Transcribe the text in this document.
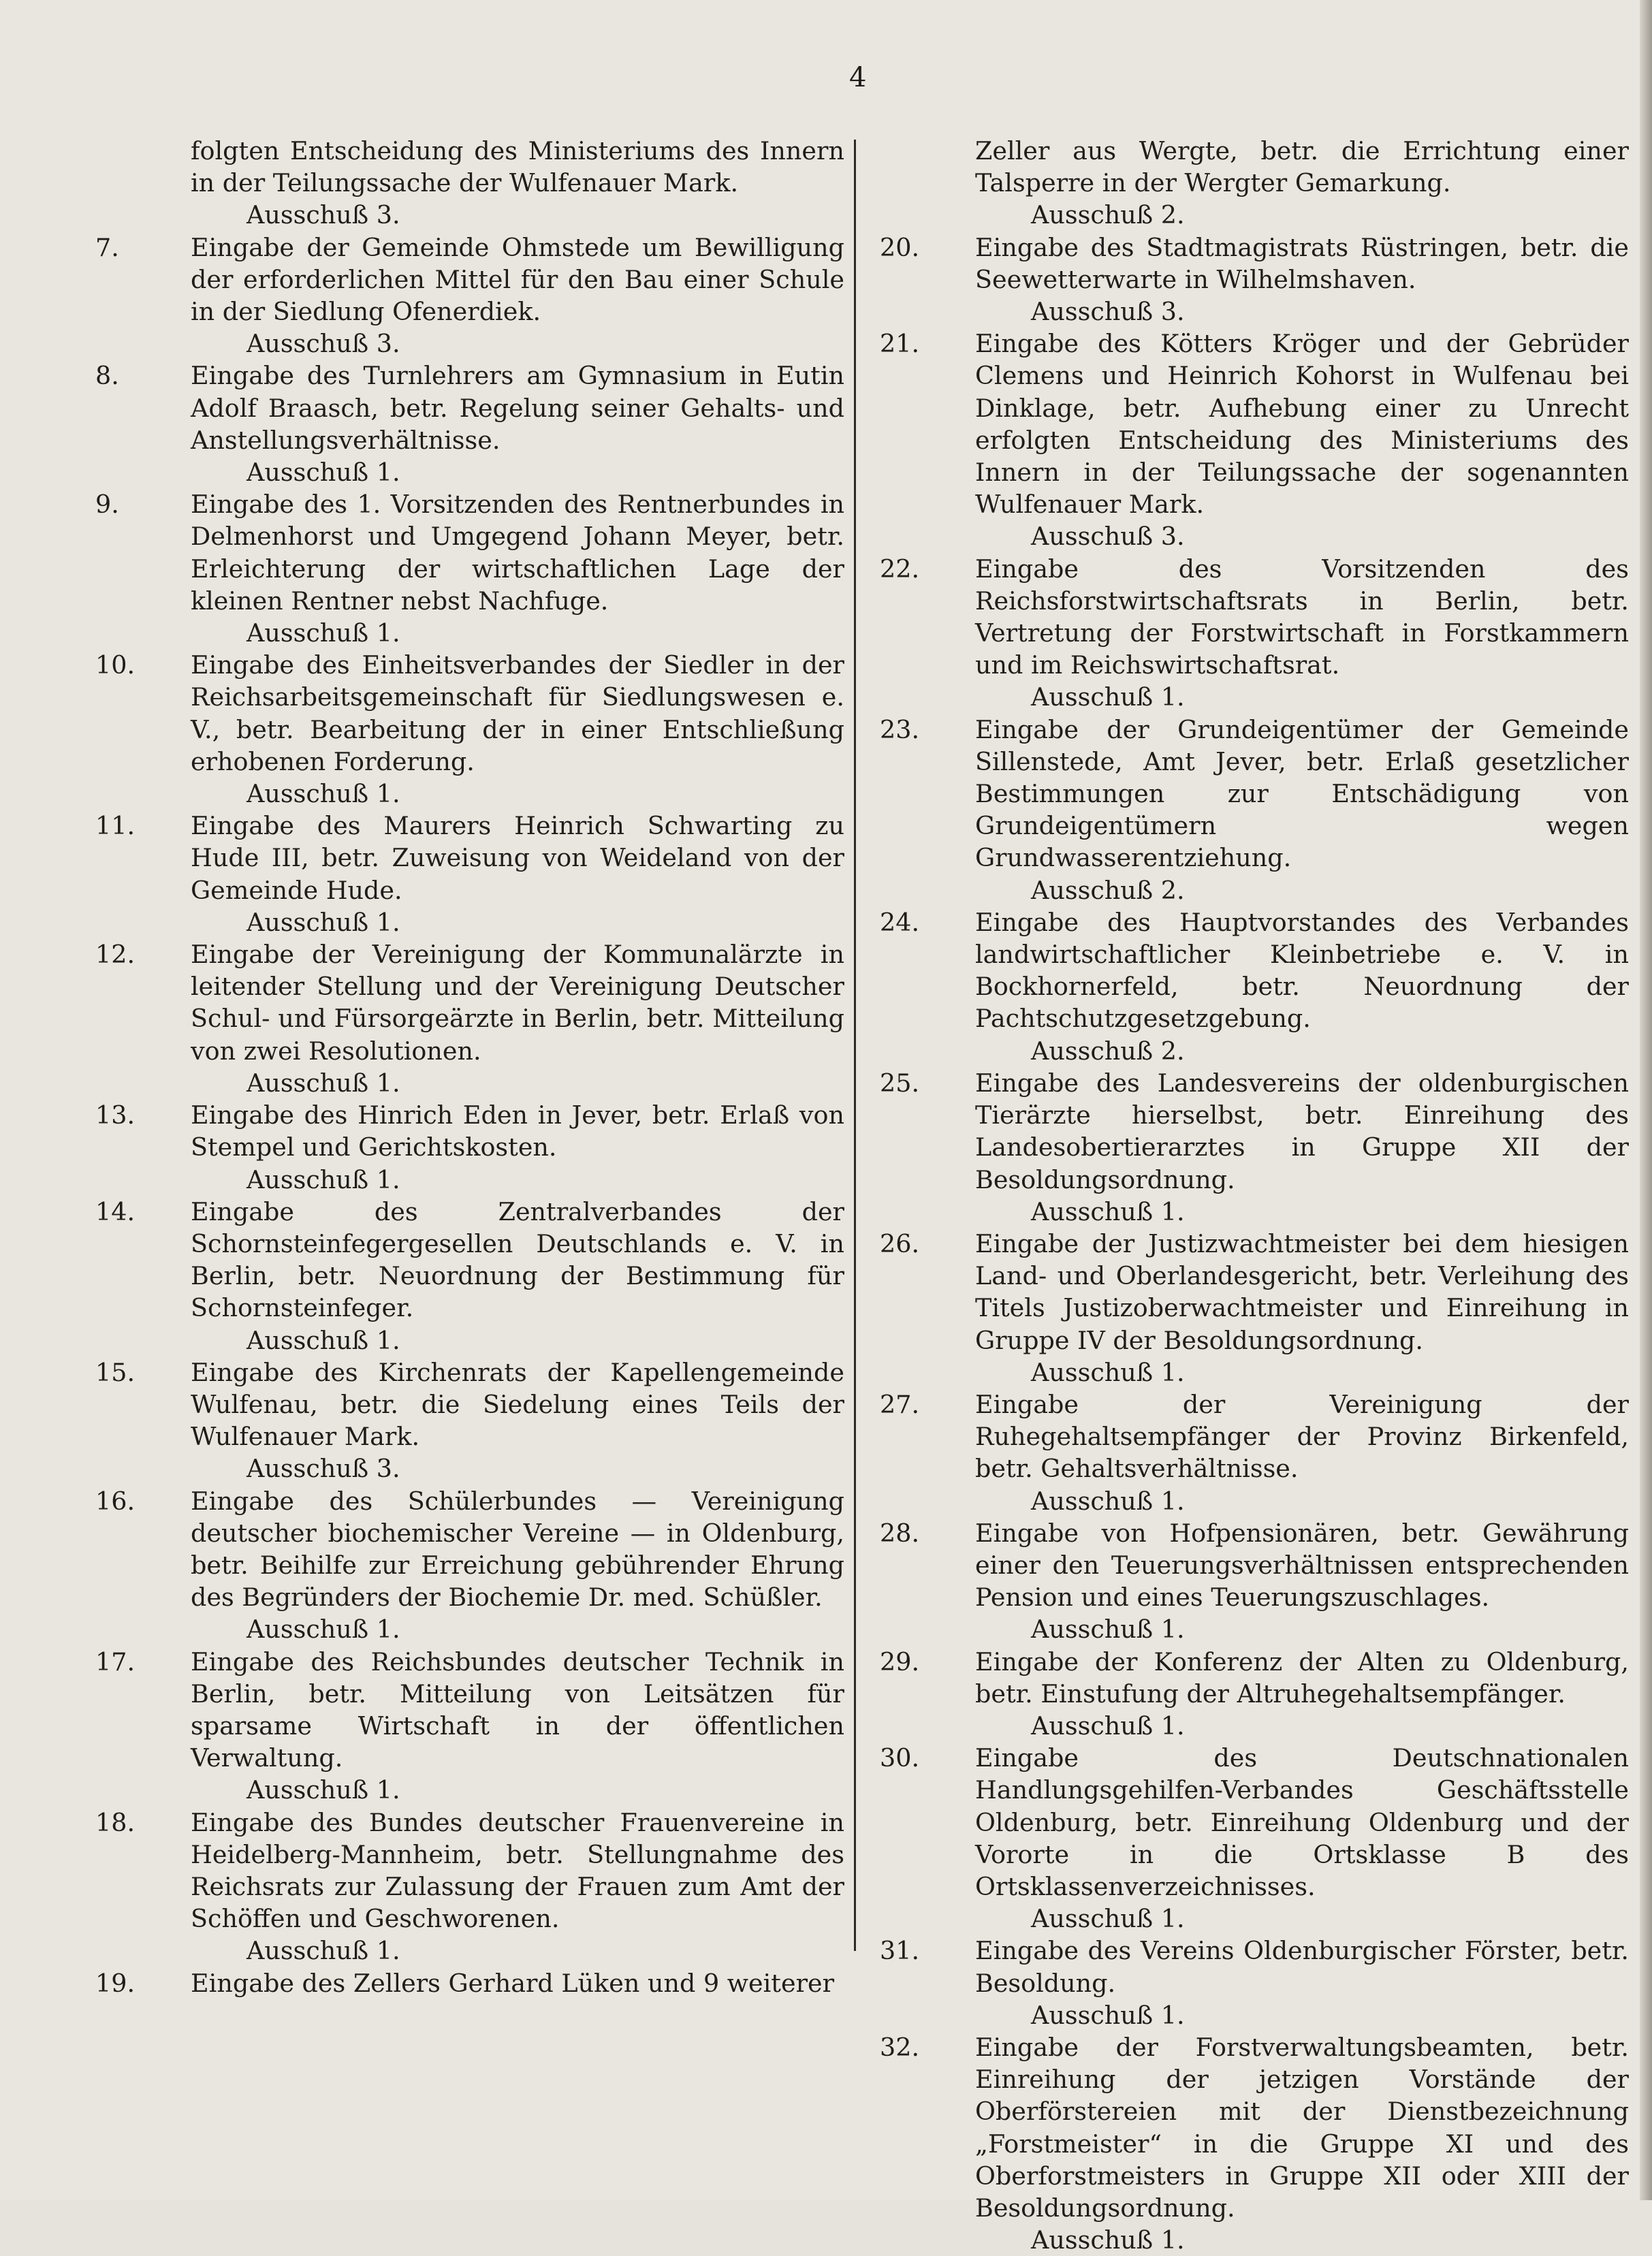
4
folgten Entscheidung des Ministeriums des Innern in der Teilungssache der Wulfenauer Mark.
Ausschuß 3.
7.	Eingabe der Gemeinde Ohmstede um Bewilligung der erforderlichen Mittel für den Bau einer Schule in der Siedlung Ofenerdiek.
Ausschuß 3.
8.	Eingabe des Turnlehrers am Gymnasium in Eutin Adolf Braasch, betr. Regelung seiner Gehalts- und Anstellungsverhältnisse.
Ausschuß 1.
9.	Eingabe des 1. Vorsitzenden des Rentnerbundes in Delmenhorst und Umgegend Johann Meyer, betr. Erleichterung der wirtschaftlichen Lage der kleinen Rentner nebst Nachfuge.
Ausschuß 1.
10.	Eingabe des Einheitsverbandes der Siedler in der Reichsarbeitsgemeinschaft für Siedlungswesen e. V., betr. Bearbeitung der in einer Entschließung erhobenen Forderung.
Ausschuß 1.
11.	Eingabe des Maurers Heinrich Schwarting zu Hude III, betr. Zuweisung von Weideland von der Gemeinde Hude.
Ausschuß 1.
12.	Eingabe der Vereinigung der Kommunalärzte in leitender Stellung und der Vereinigung Deutscher Schul- und Fürsorgeärzte in Berlin, betr. Mitteilung von zwei Resolutionen.
Ausschuß 1.
13.	Eingabe des Hinrich Eden in Jever, betr. Erlaß von Stempel und Gerichtskosten.
Ausschuß 1.
14.	Eingabe des Zentralverbandes der Schornsteinfegergesellen Deutschlands e. V. in Berlin, betr. Neuordnung der Bestimmung für Schornsteinfeger.
Ausschuß 1.
15.	Eingabe des Kirchenrats der Kapellengemeinde Wulfenau, betr. die Siedelung eines Teils der Wulfenauer Mark.
Ausschuß 3.
16.	Eingabe des Schülerbundes — Vereinigung deutscher biochemischer Vereine — in Oldenburg, betr. Beihilfe zur Erreichung gebührender Ehrung des Begründers der Biochemie Dr. med. Schüßler.
Ausschuß 1.
17.	Eingabe des Reichsbundes deutscher Technik in Berlin, betr. Mitteilung von Leitsätzen für sparsame Wirtschaft in der öffentlichen Verwaltung.
Ausschuß 1.
18.	Eingabe des Bundes deutscher Frauenvereine in Heidelberg-Mannheim, betr. Stellungnahme des Reichsrats zur Zulassung der Frauen zum Amt der Schöffen und Geschworenen.
Ausschuß 1.
19.	Eingabe des Zellers Gerhard Lüken und 9 weiterer
Zeller aus Wergte, betr. die Errichtung einer Talsperre in der Wergter Gemarkung.
Ausschuß 2.
20.	Eingabe des Stadtmagistrats Rüstringen, betr. die Seewetterwarte in Wilhelmshaven.
Ausschuß 3.
21.	Eingabe des Kötters Kröger und der Gebrüder Clemens und Heinrich Kohorst in Wulfenau bei Dinklage, betr. Aufhebung einer zu Unrecht erfolgten Entscheidung des Ministeriums des Innern in der Teilungssache der sogenannten Wulfenauer Mark.
Ausschuß 3.
22.	Eingabe des Vorsitzenden des Reichsforstwirtschaftsrats in Berlin, betr. Vertretung der Forstwirtschaft in Forstkammern und im Reichswirtschaftsrat.
Ausschuß 1.
23.	Eingabe der Grundeigentümer der Gemeinde Sillenstede, Amt Jever, betr. Erlaß gesetzlicher Bestimmungen zur Entschädigung von Grundeigentümern wegen Grundwasserentziehung.
Ausschuß 2.
24.	Eingabe des Hauptvorstandes des Verbandes landwirtschaftlicher Kleinbetriebe e. V. in Bockhornerfeld, betr. Neuordnung der Pachtschutzgesetzgebung.
Ausschuß 2.
25.	Eingabe des Landesvereins der oldenburgischen Tierärzte hierselbst, betr. Einreihung des Landesobertierarztes in Gruppe XII der Besoldungsordnung.
Ausschuß 1.
26.	Eingabe der Justizwachtmeister bei dem hiesigen Land- und Oberlandesgericht, betr. Verleihung des Titels Justizoberwachtmeister und Einreihung in Gruppe IV der Besoldungsordnung.
Ausschuß 1.
27.	Eingabe der Vereinigung der Ruhegehaltsempfänger der Provinz Birkenfeld, betr. Gehaltsverhältnisse.
Ausschuß 1.
28.	Eingabe von Hofpensionären, betr. Gewährung einer den Teuerungsverhältnissen entsprechenden Pension und eines Teuerungszuschlages.
Ausschuß 1.
29.	Eingabe der Konferenz der Alten zu Oldenburg, betr. Einstufung der Altruhegehaltsempfänger.
Ausschuß 1.
30.	Eingabe des Deutschnationalen Handlungsgehilfen-Verbandes Geschäftsstelle Oldenburg, betr. Einreihung Oldenburg und der Vororte in die Ortsklasse B des Ortsklassenverzeichnisses.
Ausschuß 1.
31.	Eingabe des Vereins Oldenburgischer Förster, betr. Besoldung.
Ausschuß 1.
32.	Eingabe der Forstverwaltungsbeamten, betr. Einreihung der jetzigen Vorstände der Oberförstereien mit der Dienstbezeichnung „Forstmeister“ in die Gruppe XI und des Oberforstmeisters in Gruppe XII oder XIII der Besoldungsordnung.
Ausschuß 1.
